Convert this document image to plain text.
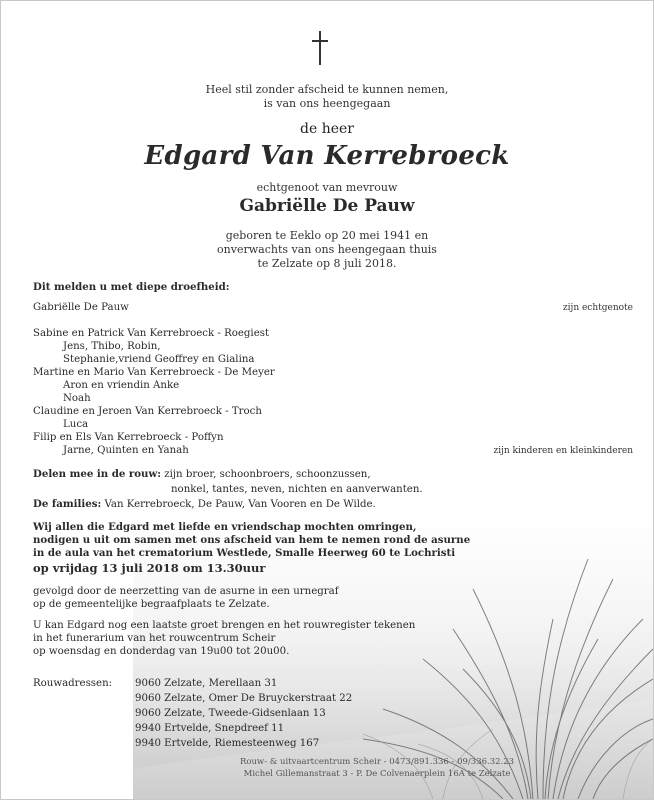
Heel stil zonder afscheid te kunnen nemen,
is van ons heengegaan
de heer
Edgard Van Kerrebroeck
echtgenoot van mevrouw
Gabriëlle De Pauw
geboren te Eeklo op 20 mei 1941 en
onverwachts van ons heengegaan thuis
te Zelzate op 8 juli 2018.
Dit melden u met diepe droefheid:
Gabriëlle De Pauw	zijn echtgenote
Sabine en Patrick Van Kerrebroeck - Roegiest
Jens, Thibo, Robin,
Stephanie,vriend Geoffrey en Gialina
Martine en Mario Van Kerrebroeck - De Meyer
Aron en vriendin Anke
Noah
Claudine en Jeroen Van Kerrebroeck - Troch
Luca
Filip en Els Van Kerrebroeck - Poffyn
Jarne, Quinten en Yanah	zijn kinderen en kleinkinderen
Delen mee in de rouw: zijn broer, schoonbroers, schoonzussen,
nonkel, tantes, neven, nichten en aanverwanten.
De families: Van Kerrebroeck, De Pauw, Van Vooren en De Wilde.
Wij allen die Edgard met liefde en vriendschap mochten omringen,
nodigen u uit om samen met ons afscheid van hem te nemen rond de asurne
in de aula van het crematorium Westlede, Smalle Heerweg 60 te Lochristi
op vrijdag 13 juli 2018 om 13.30uur
gevolgd door de neerzetting van de asurne in een urnegraf
op de gemeentelijke begraafplaats te Zelzate.
U kan Edgard nog een laatste groet brengen en het rouwregister tekenen
in het funerarium van het rouwcentrum Scheir
op woensdag en donderdag van 19u00 tot 20u00.
Rouwadressen: 9060 Zelzate, Merellaan 31
9060 Zelzate, Omer De Bruyckerstraat 22
9060 Zelzate, Tweede-Gidsenlaan 13
9940 Ertvelde, Snepdreef 11
9940 Ertvelde, Riemesteenweg 167
Rouw- & uitvaartcentrum Scheir - 0473/891.336 - 09/336.32.23
Michel Gillemanstraat 3 - P. De Colvenaerplein 16A te Zelzate
